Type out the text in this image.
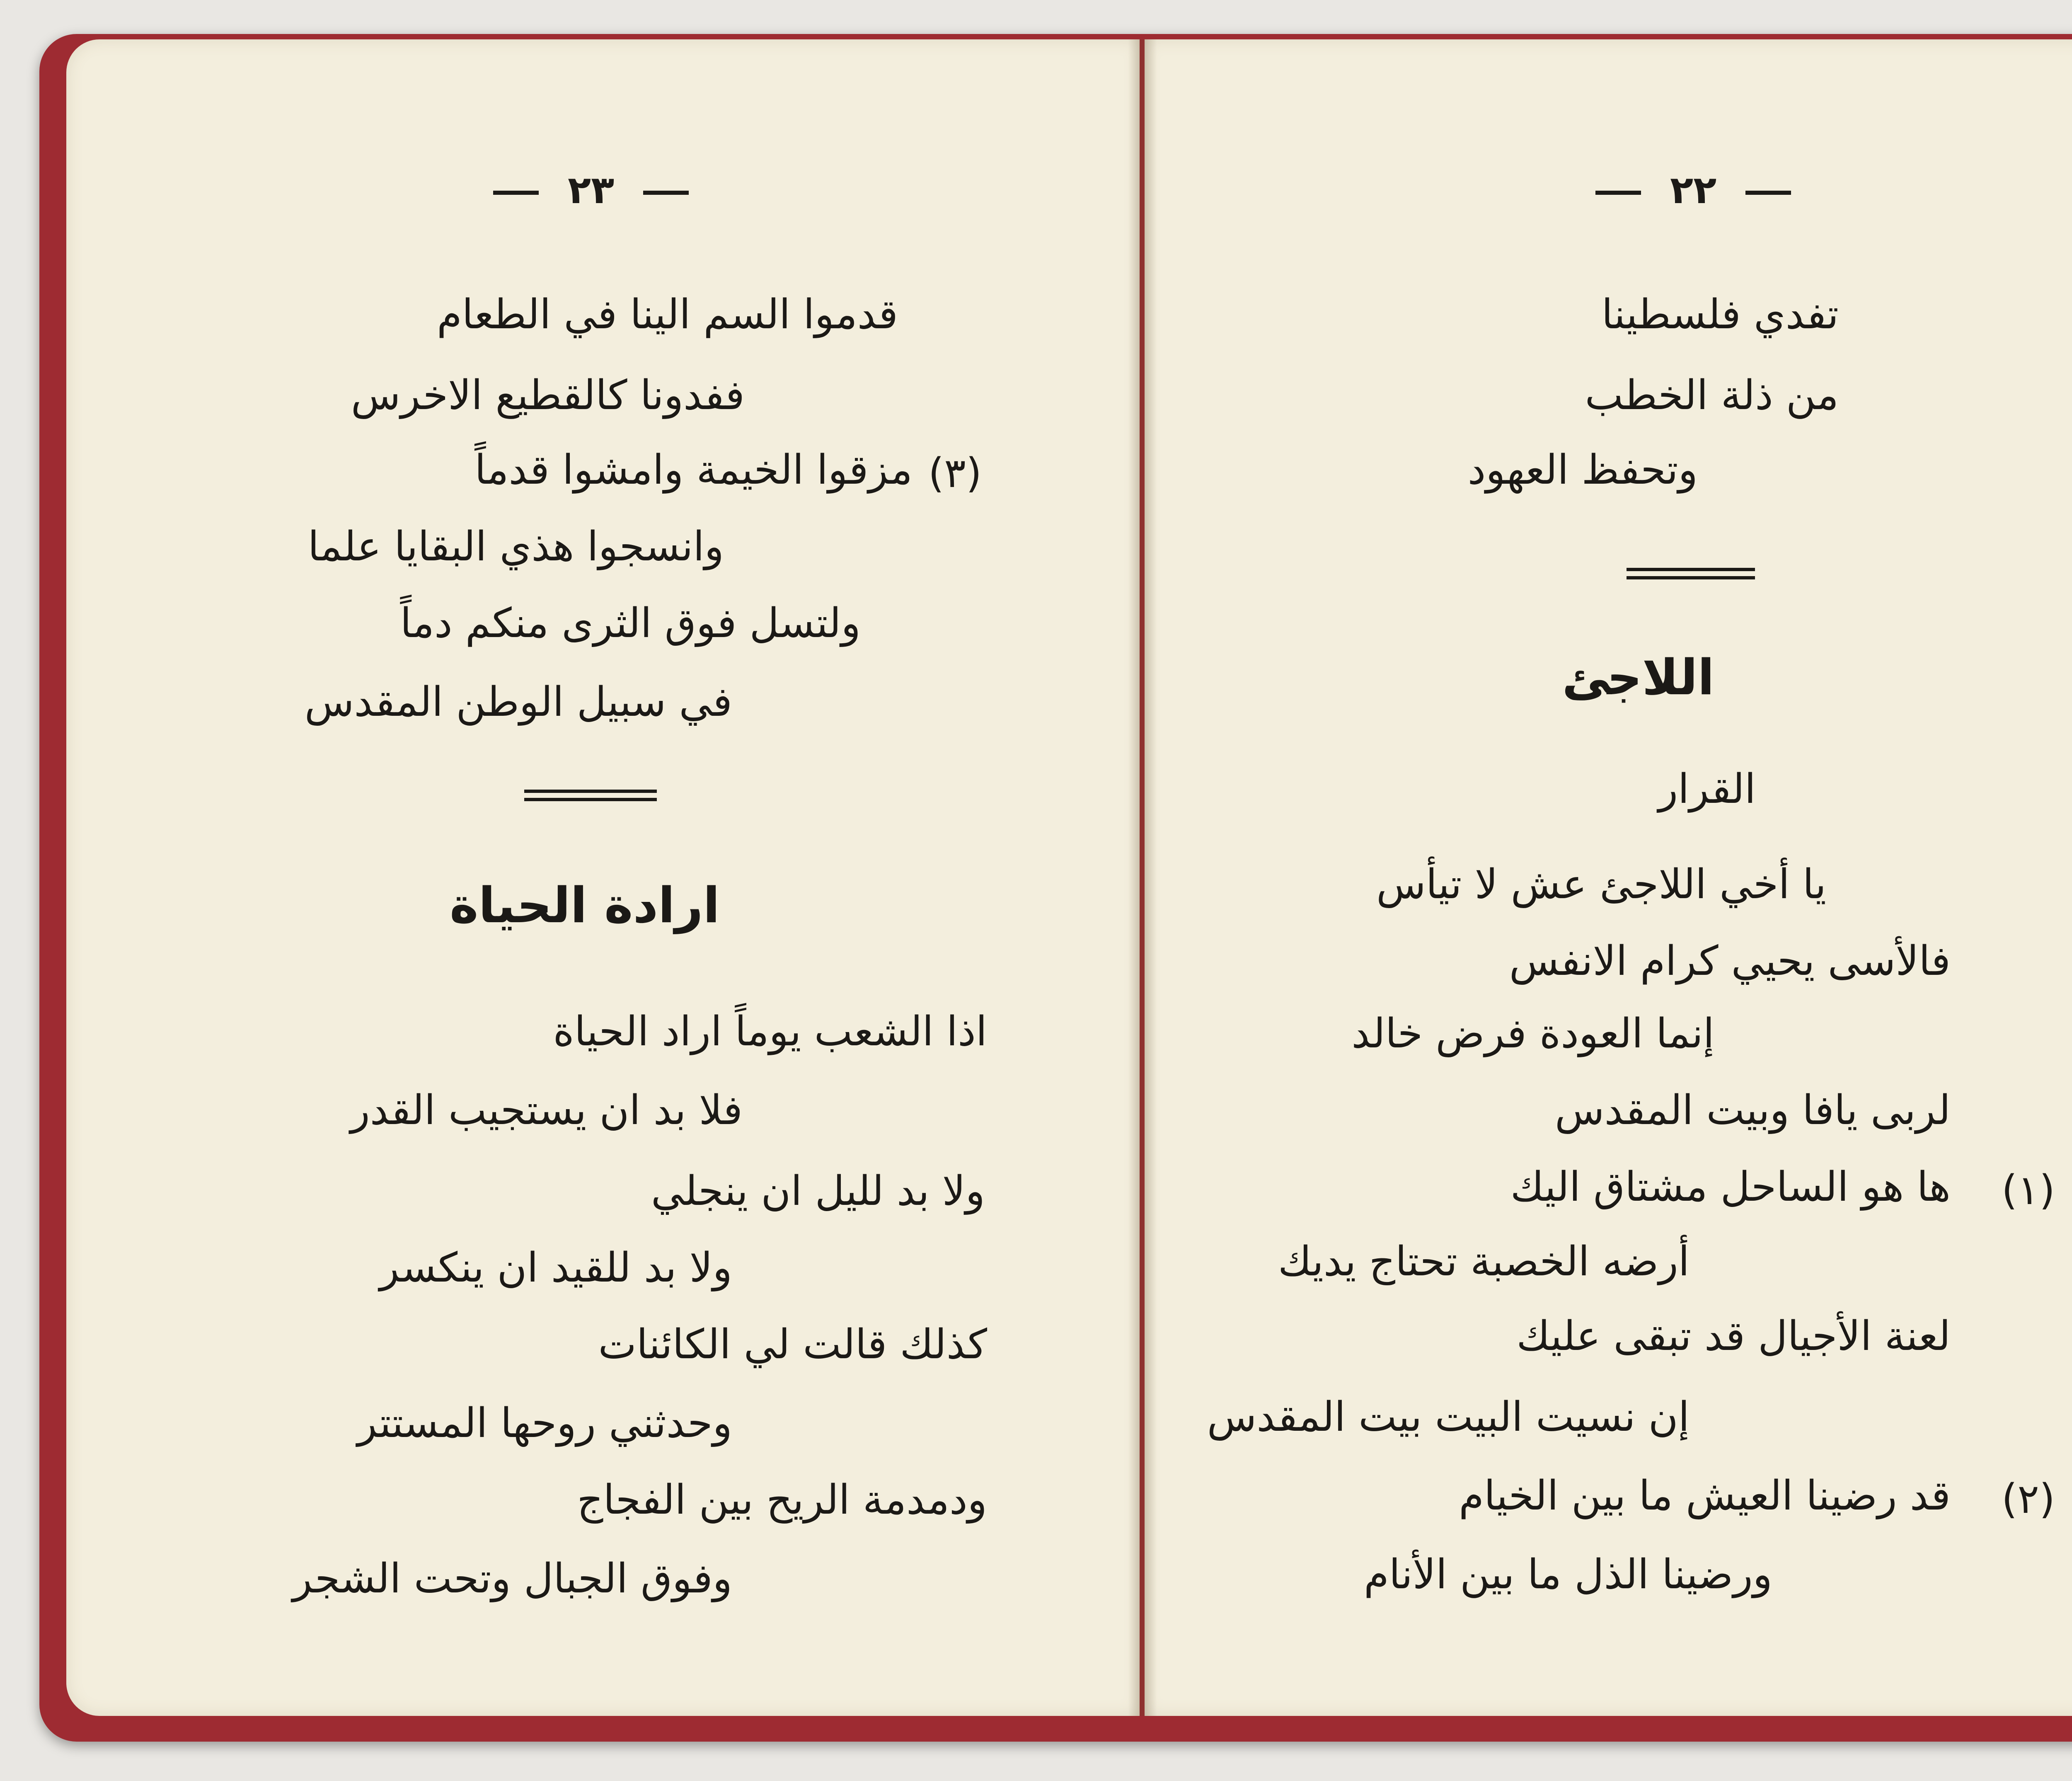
٢٣
قدموا السم الينا في الطعام
ففدونا كالقطيع الاخرس
مزقوا الخيمة وامشوا قدماً (٣)
وانسجوا هذي البقايا علما
ولتسل فوق الثرى منكم دماً
في سبيل الوطن المقدس
ارادة الحياة
اذا الشعب يوماً اراد الحياة
فلا بد ان يستجيب القدر
ولا بد لليل ان ينجلي
ولا بد للقيد ان ينكسر
كذلك قالت لي الكائنات
وحدثني روحها المستتر
ودمدمة الريح بين الفجاج
وفوق الجبال وتحت الشجر
٢٢
تفدي فلسطينا
من ذلة الخطب
وتحفظ العهود
اللاجئ
القرار
يا أخي اللاجئ عش لا تيأس
فالأسى يحيي كرام الانفس
إنما العودة فرض خالد
لربى يافا وبيت المقدس
(١)
ها هو الساحل مشتاق اليك
أرضه الخصبة تحتاج يديك
لعنة الأجيال قد تبقى عليك
إن نسيت البيت بيت المقدس
(٢)
قد رضينا العيش ما بين الخيام
ورضينا الذل ما بين الأنام
